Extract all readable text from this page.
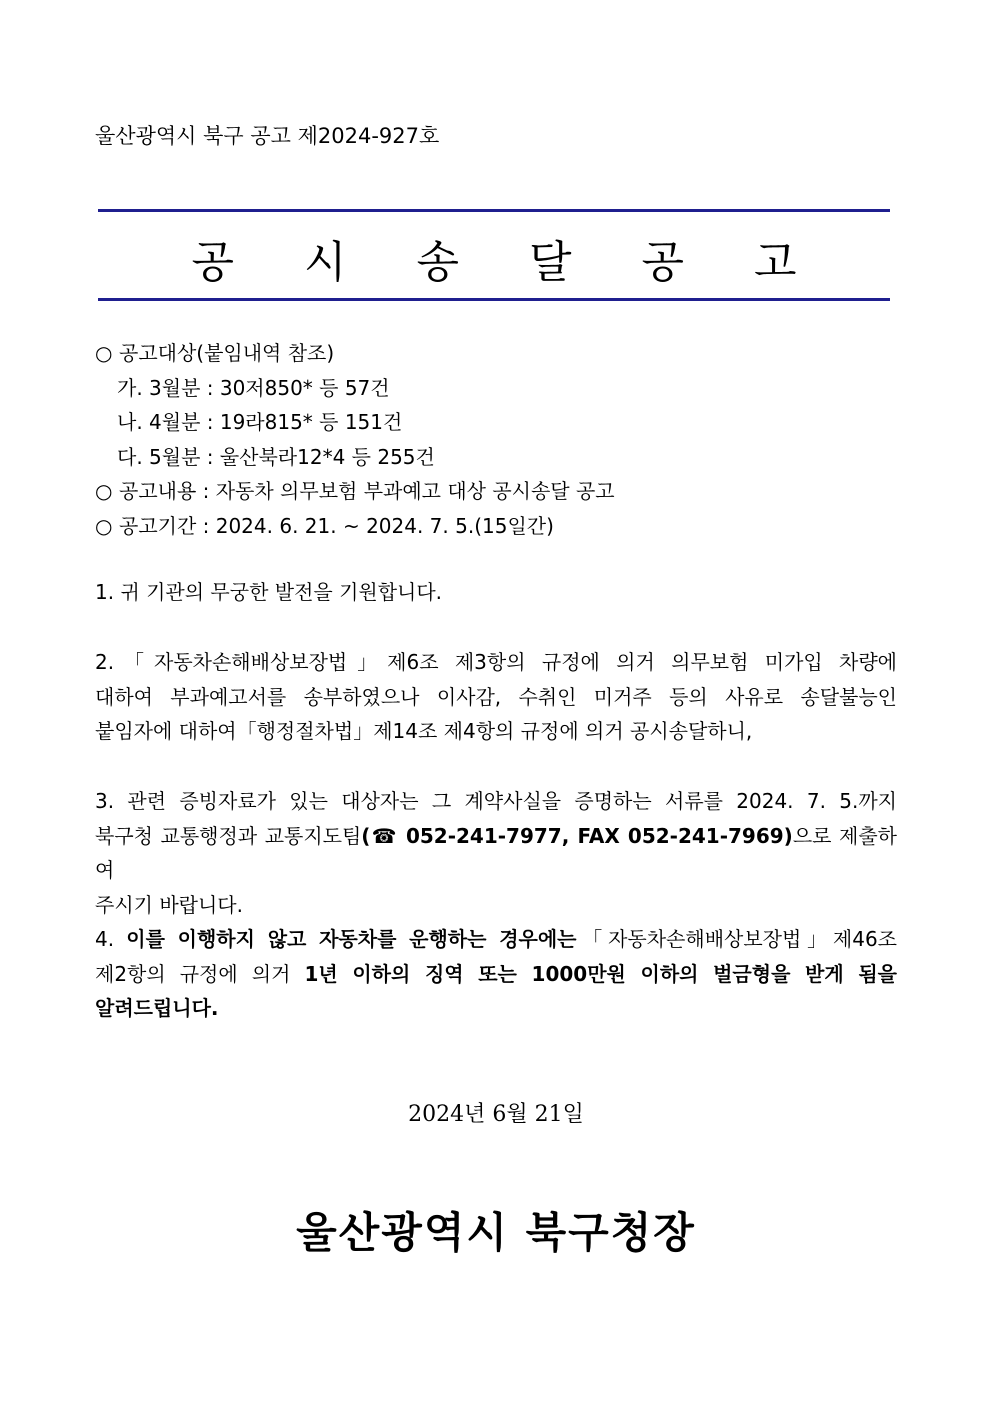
울산광역시 북구 공고 제2024-927호
공 시 송 달 공 고
○ 공고대상(붙임내역 참조)
가. 3월분 : 30저850* 등 57건
나. 4월분 : 19라815* 등 151건
다. 5월분 : 울산북라12*4 등 255건
○ 공고내용 : 자동차 의무보험 부과예고 대상 공시송달 공고
○ 공고기간 : 2024. 6. 21. ~ 2024. 7. 5.(15일간)
1. 귀 기관의 무궁한 발전을 기원합니다.
2.「자동차손해배상보장법」제6조 제3항의 규정에 의거 의무보험 미가입 차량에
대하여 부과예고서를 송부하였으나 이사감, 수취인 미거주 등의 사유로 송달불능인
붙임자에 대하여「행정절차법」제14조 제4항의 규정에 의거 공시송달하니,
3. 관련 증빙자료가 있는 대상자는 그 계약사실을 증명하는 서류를 2024. 7. 5.까지
북구청 교통행정과 교통지도팀(☎ 052-241-7977, FAX 052-241-7969)으로 제출하여
주시기 바랍니다.
4. 이를 이행하지 않고 자동차를 운행하는 경우에는「자동차손해배상보장법」제46조
제2항의 규정에 의거 1년 이하의 징역 또는 1000만원 이하의 벌금형을 받게 됨을
알려드립니다.
2024년 6월 21일
울산광역시 북구청장
